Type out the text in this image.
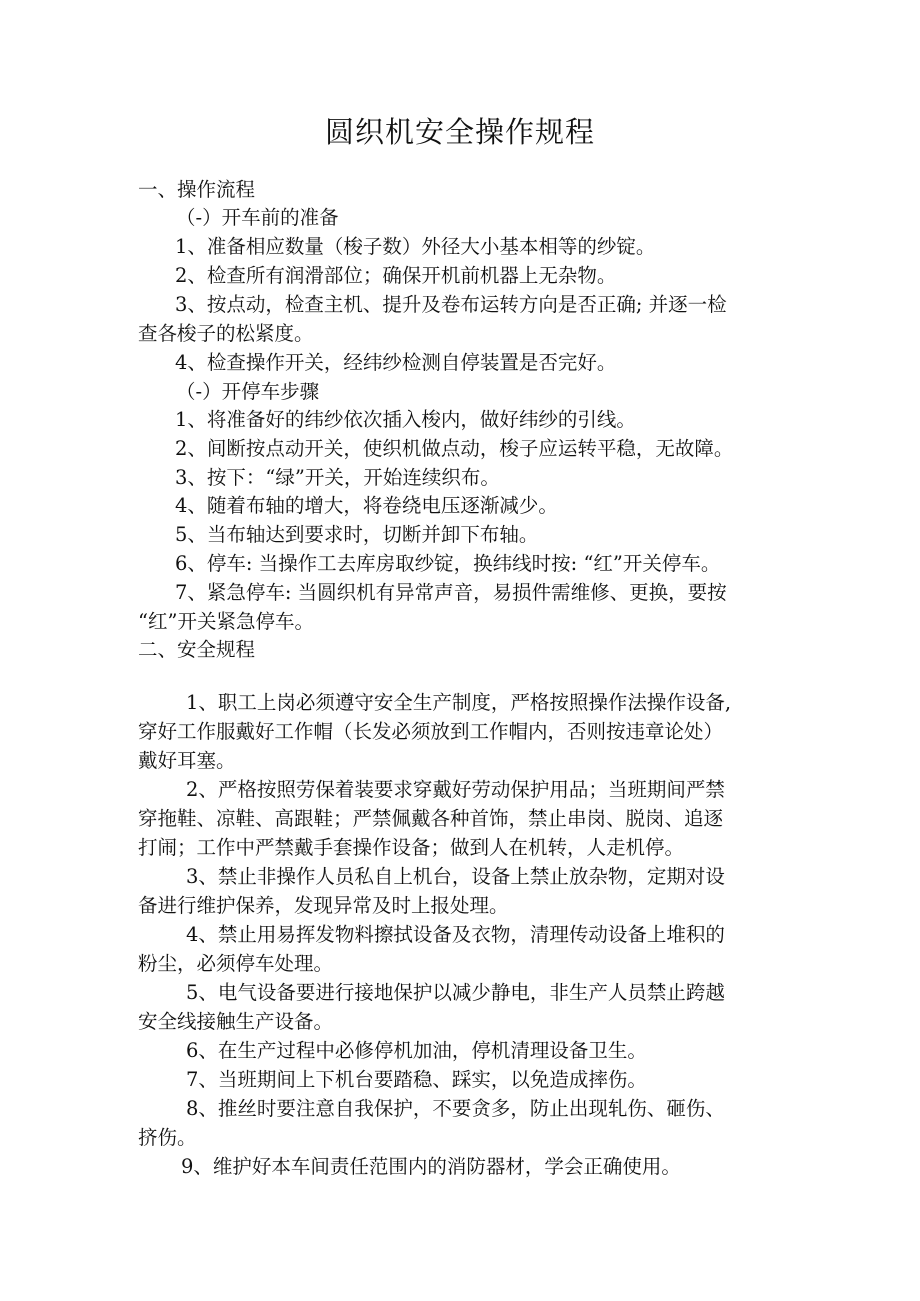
圆织机安全操作规程

一、操作流程

（-）开车前的准备

1、准备相应数量（梭子数）外径大小基本相等的纱锭。

2、检查所有润滑部位；确保开机前机器上无杂物。

3、按点动，检查主机、提升及卷布运转方向是否正确; 并逐一检

查各梭子的松紧度。

4、检查操作开关，经纬纱检测自停装置是否完好。

（-）开停车步骤

1、将准备好的纬纱依次插入梭内，做好纬纱的引线。

2、间断按点动开关，使织机做点动，梭子应运转平稳，无故障。

3、按下：“绿”开关，开始连续织布。

4、随着布轴的增大，将卷绕电压逐渐减少。

5、当布轴达到要求时，切断并卸下布轴。

6、停车: 当操作工去库房取纱锭，换纬线时按: “红”开关停车。

7、紧急停车: 当圆织机有异常声音，易损件需维修、更换，要按

“红”开关紧急停车。

二、安全规程

1、职工上岗必须遵守安全生产制度，严格按照操作法操作设备,

穿好工作服戴好工作帽（长发必须放到工作帽内，否则按违章论处）

戴好耳塞。

2、严格按照劳保着装要求穿戴好劳动保护用品；当班期间严禁

穿拖鞋、凉鞋、高跟鞋；严禁佩戴各种首饰，禁止串岗、脱岗、追逐

打闹；工作中严禁戴手套操作设备；做到人在机转，人走机停。

3、禁止非操作人员私自上机台，设备上禁止放杂物，定期对设

备进行维护保养，发现异常及时上报处理。

4、禁止用易挥发物料擦拭设备及衣物，清理传动设备上堆积的

粉尘，必须停车处理。

5、电气设备要进行接地保护以减少静电，非生产人员禁止跨越

安全线接触生产设备。

6、在生产过程中必修停机加油，停机清理设备卫生。

7、当班期间上下机台要踏稳、踩实，以免造成摔伤。

8、推丝时要注意自我保护，不要贪多，防止出现轧伤、砸伤、

挤伤。

9、维护好本车间责任范围内的消防器材，学会正确使用。
